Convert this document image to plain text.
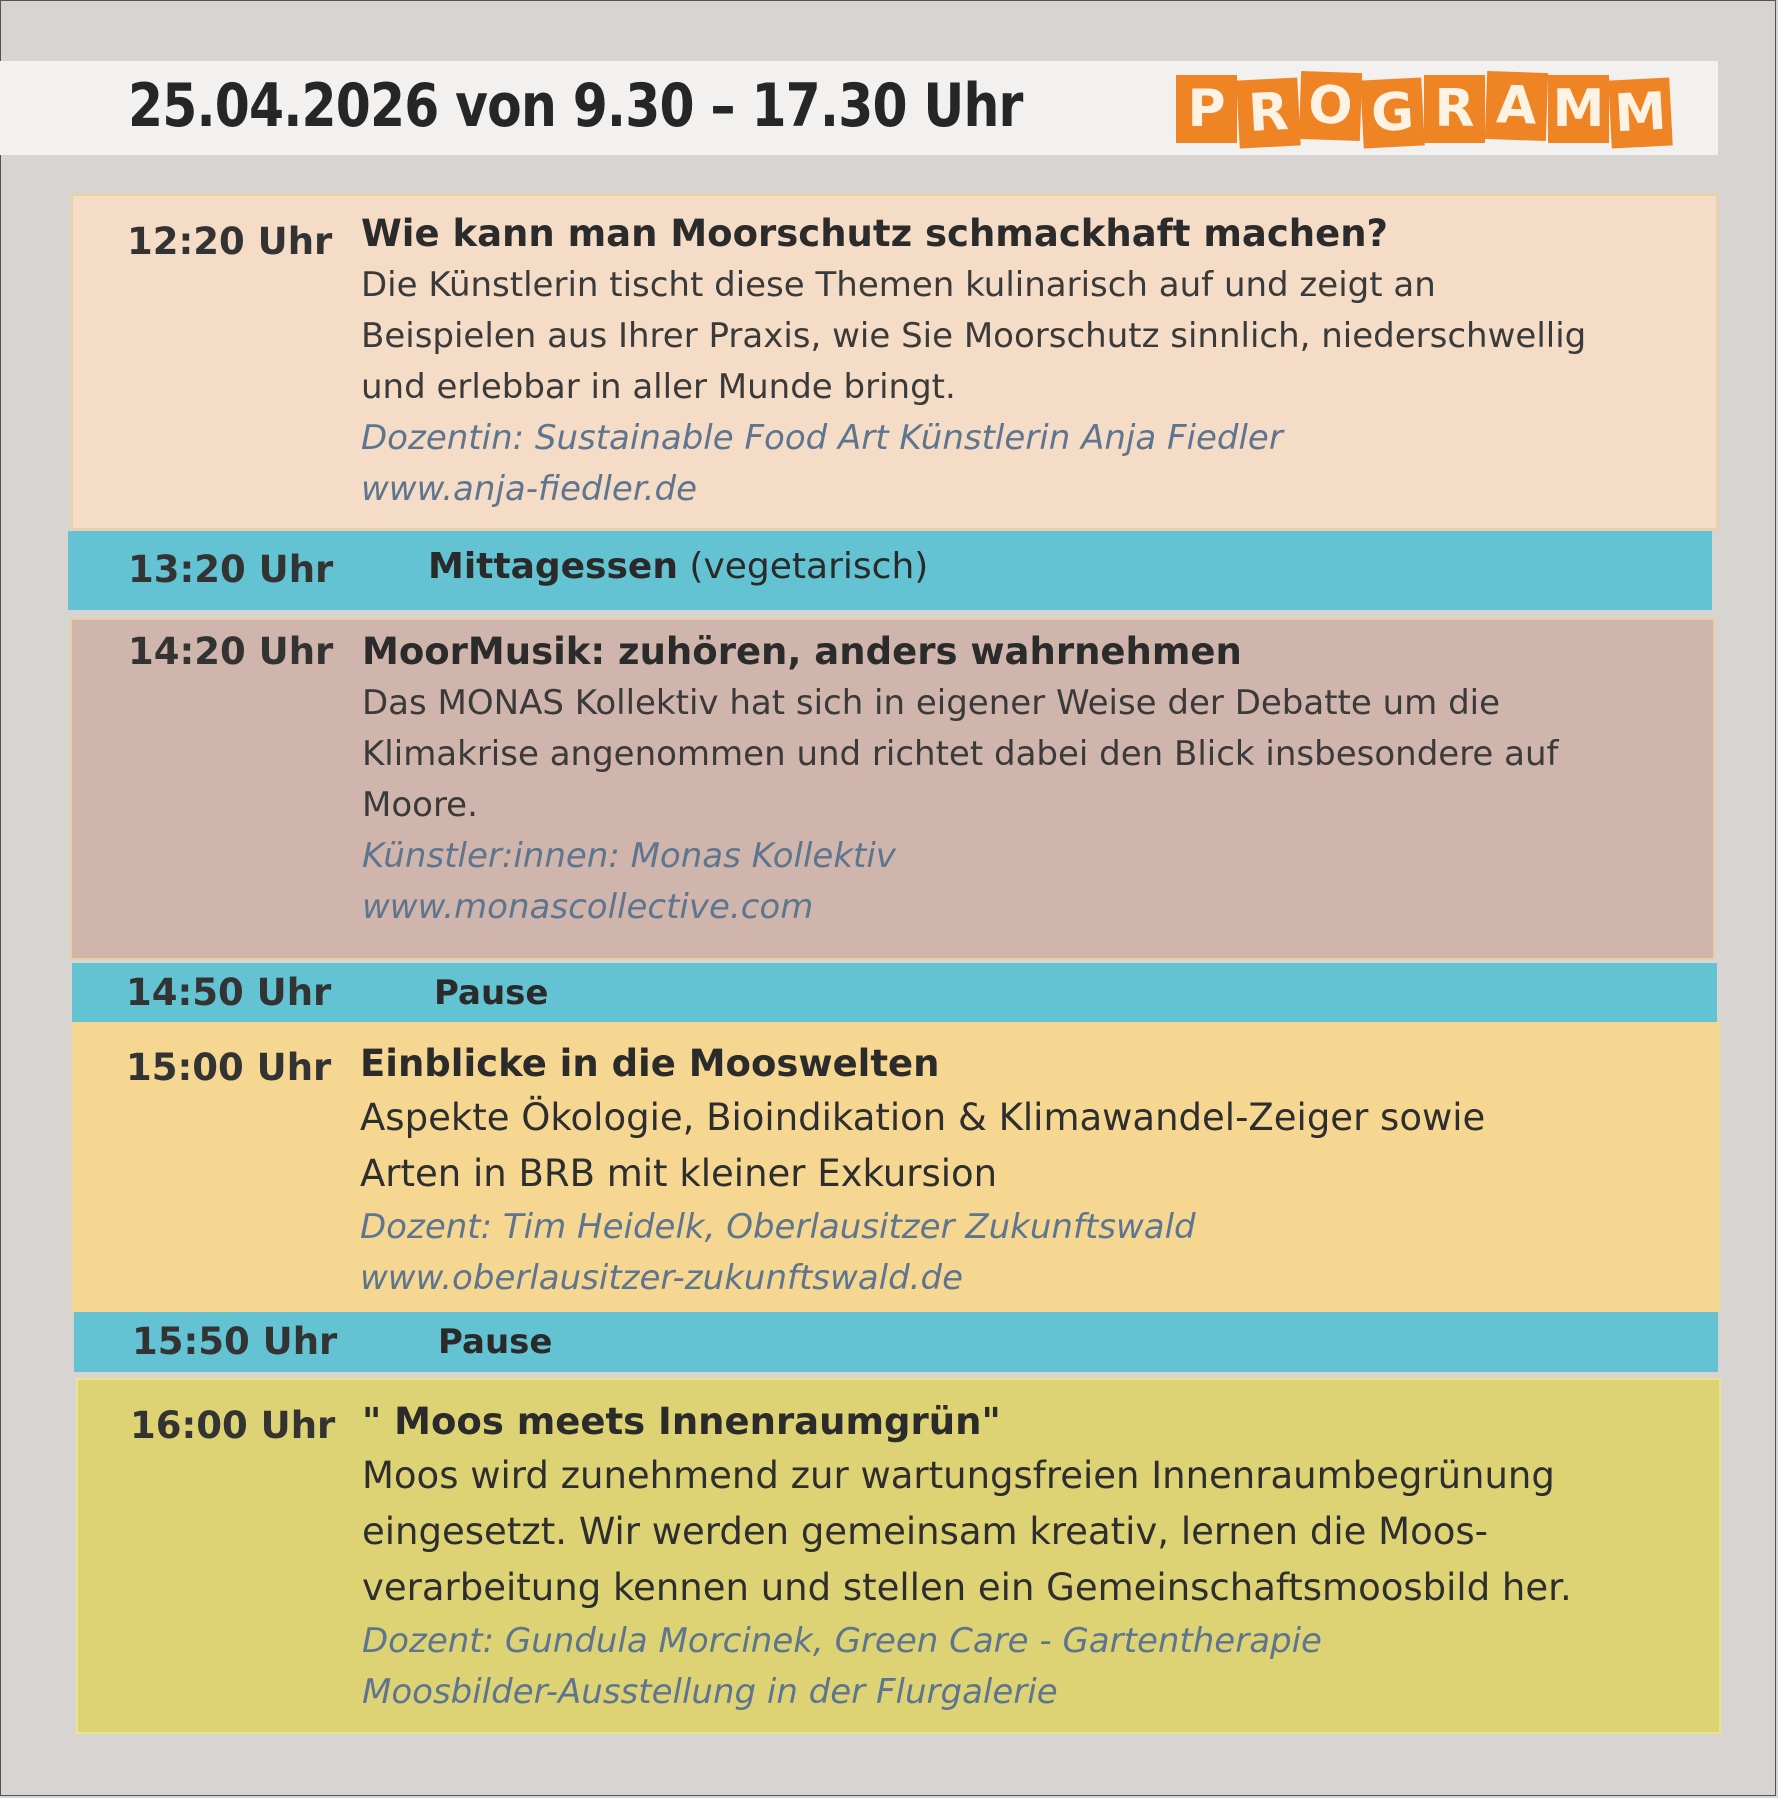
25.04.2026 von 9.30 – 17.30 Uhr	P R O G R A M M
12:20 Uhr Wie kann man Moorschutz schmackhaft machen?
Die Künstlerin tischt diese Themen kulinarisch auf und zeigt an
Beispielen aus Ihrer Praxis, wie Sie Moorschutz sinnlich, niederschwellig
und erlebbar in aller Munde bringt.
Dozentin: Sustainable Food Art Künstlerin Anja Fiedler
www.anja-fiedler.de
13:20 Uhr	Mittagessen (vegetarisch)
14:20 Uhr MoorMusik: zuhören, anders wahrnehmen
Das MONAS Kollektiv hat sich in eigener Weise der Debatte um die
Klimakrise angenommen und richtet dabei den Blick insbesondere auf
Moore.
Künstler:innen: Monas Kollektiv
www.monascollective.com
14:50 Uhr	Pause
15:00 Uhr Einblicke in die Mooswelten
Aspekte Ökologie, Bioindikation & Klimawandel-Zeiger sowie
Arten in BRB mit kleiner Exkursion
Dozent: Tim Heidelk, Oberlausitzer Zukunftswald
www.oberlausitzer-zukunftswald.de
15:50 Uhr	Pause
16:00 Uhr " Moos meets Innenraumgrün"
Moos wird zunehmend zur wartungsfreien Innenraumbegrünung
eingesetzt. Wir werden gemeinsam kreativ, lernen die Moos-
verarbeitung kennen und stellen ein Gemeinschaftsmoosbild her.
Dozent: Gundula Morcinek, Green Care - Gartentherapie
Moosbilder-Ausstellung in der Flurgalerie
